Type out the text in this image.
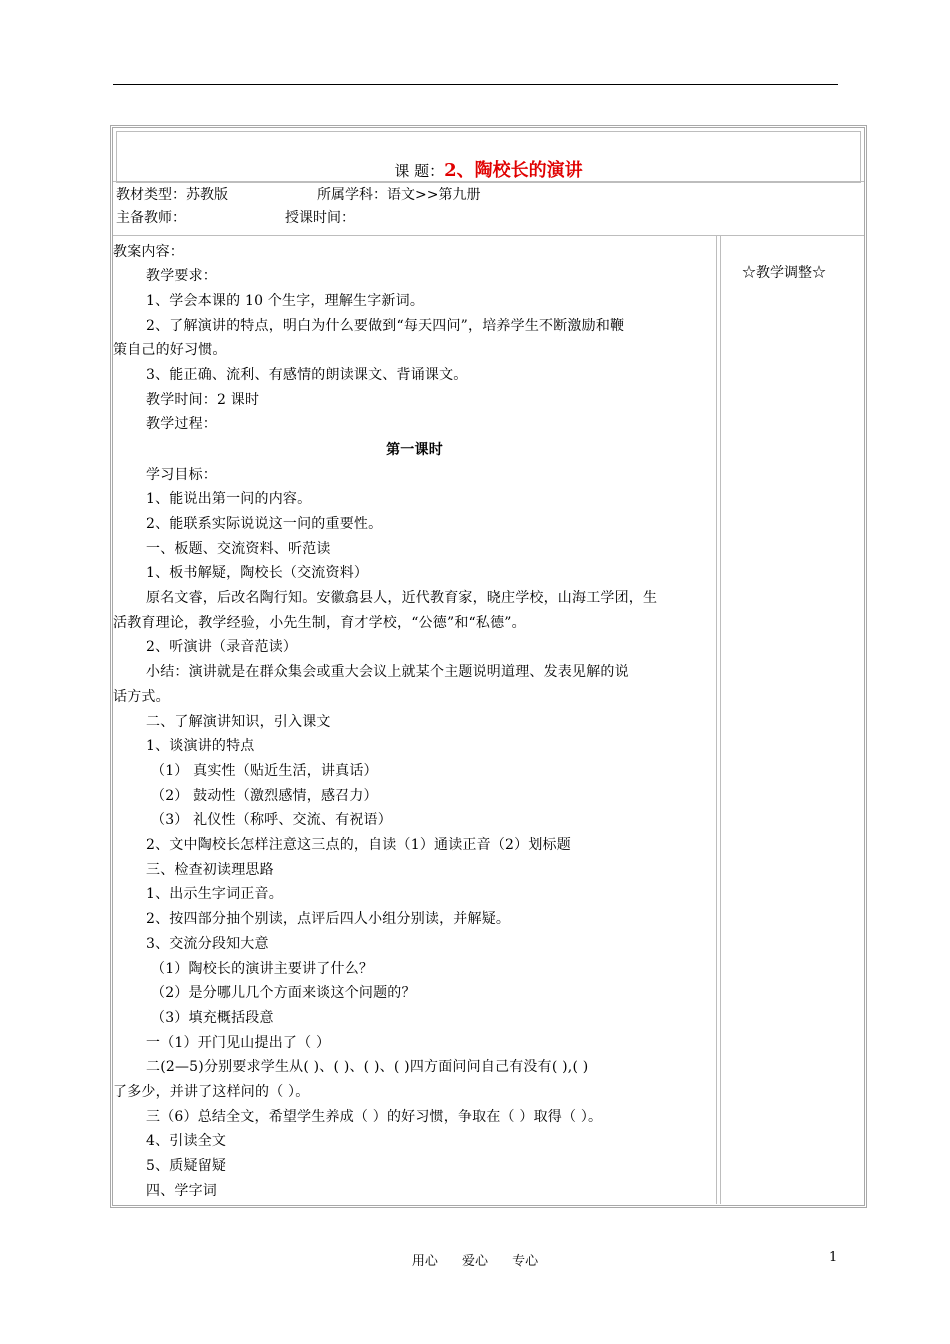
课 题：2、陶校长的演讲
教材类型：苏教版	所属学科：语文>>第九册
主备教师：	授课时间：
☆教学调整☆
教案内容：
教学要求：
1、学会本课的 10 个生字，理解生字新词。
2、了解演讲的特点，明白为什么要做到“每天四问”，培养学生不断激励和鞭
策自己的好习惯。
3、能正确、流利、有感情的朗读课文、背诵课文。
教学时间：2 课时
教学过程：
第一课时
学习目标：
1、能说出第一问的内容。
2、能联系实际说说这一问的重要性。
一、板题、交流资料、听范读
1、板书解疑，陶校长（交流资料）
原名文睿，后改名陶行知。安徽翕县人，近代教育家，晓庄学校，山海工学团，生
活教育理论，教学经验，小先生制，育才学校，“公德”和“私德”。
2、听演讲（录音范读）
小结：演讲就是在群众集会或重大会议上就某个主题说明道理、发表见解的说
话方式。
二、了解演讲知识，引入课文
1、谈演讲的特点
（1） 真实性（贴近生活，讲真话）
（2） 鼓动性（激烈感情，感召力）
（3） 礼仪性（称呼、交流、有祝语）
2、文中陶校长怎样注意这三点的，自读（1）通读正音（2）划标题
三、检查初读理思路
1、出示生字词正音。
2、按四部分抽个别读，点评后四人小组分别读，并解疑。
3、交流分段知大意
（1）陶校长的演讲主要讲了什么？
（2）是分哪儿几个方面来谈这个问题的？
（3）填充概括段意
一（1）开门见山提出了（ ）
二(2—5)分别要求学生从( )、( )、( )、( )四方面问问自己有没有( ),( )
了多少，并讲了这样问的（ ）。
三（6）总结全文，希望学生养成（ ）的好习惯，争取在（ ）取得（ ）。
4、引读全文
5、质疑留疑
四、学字词
用心 爱心 专心	1
